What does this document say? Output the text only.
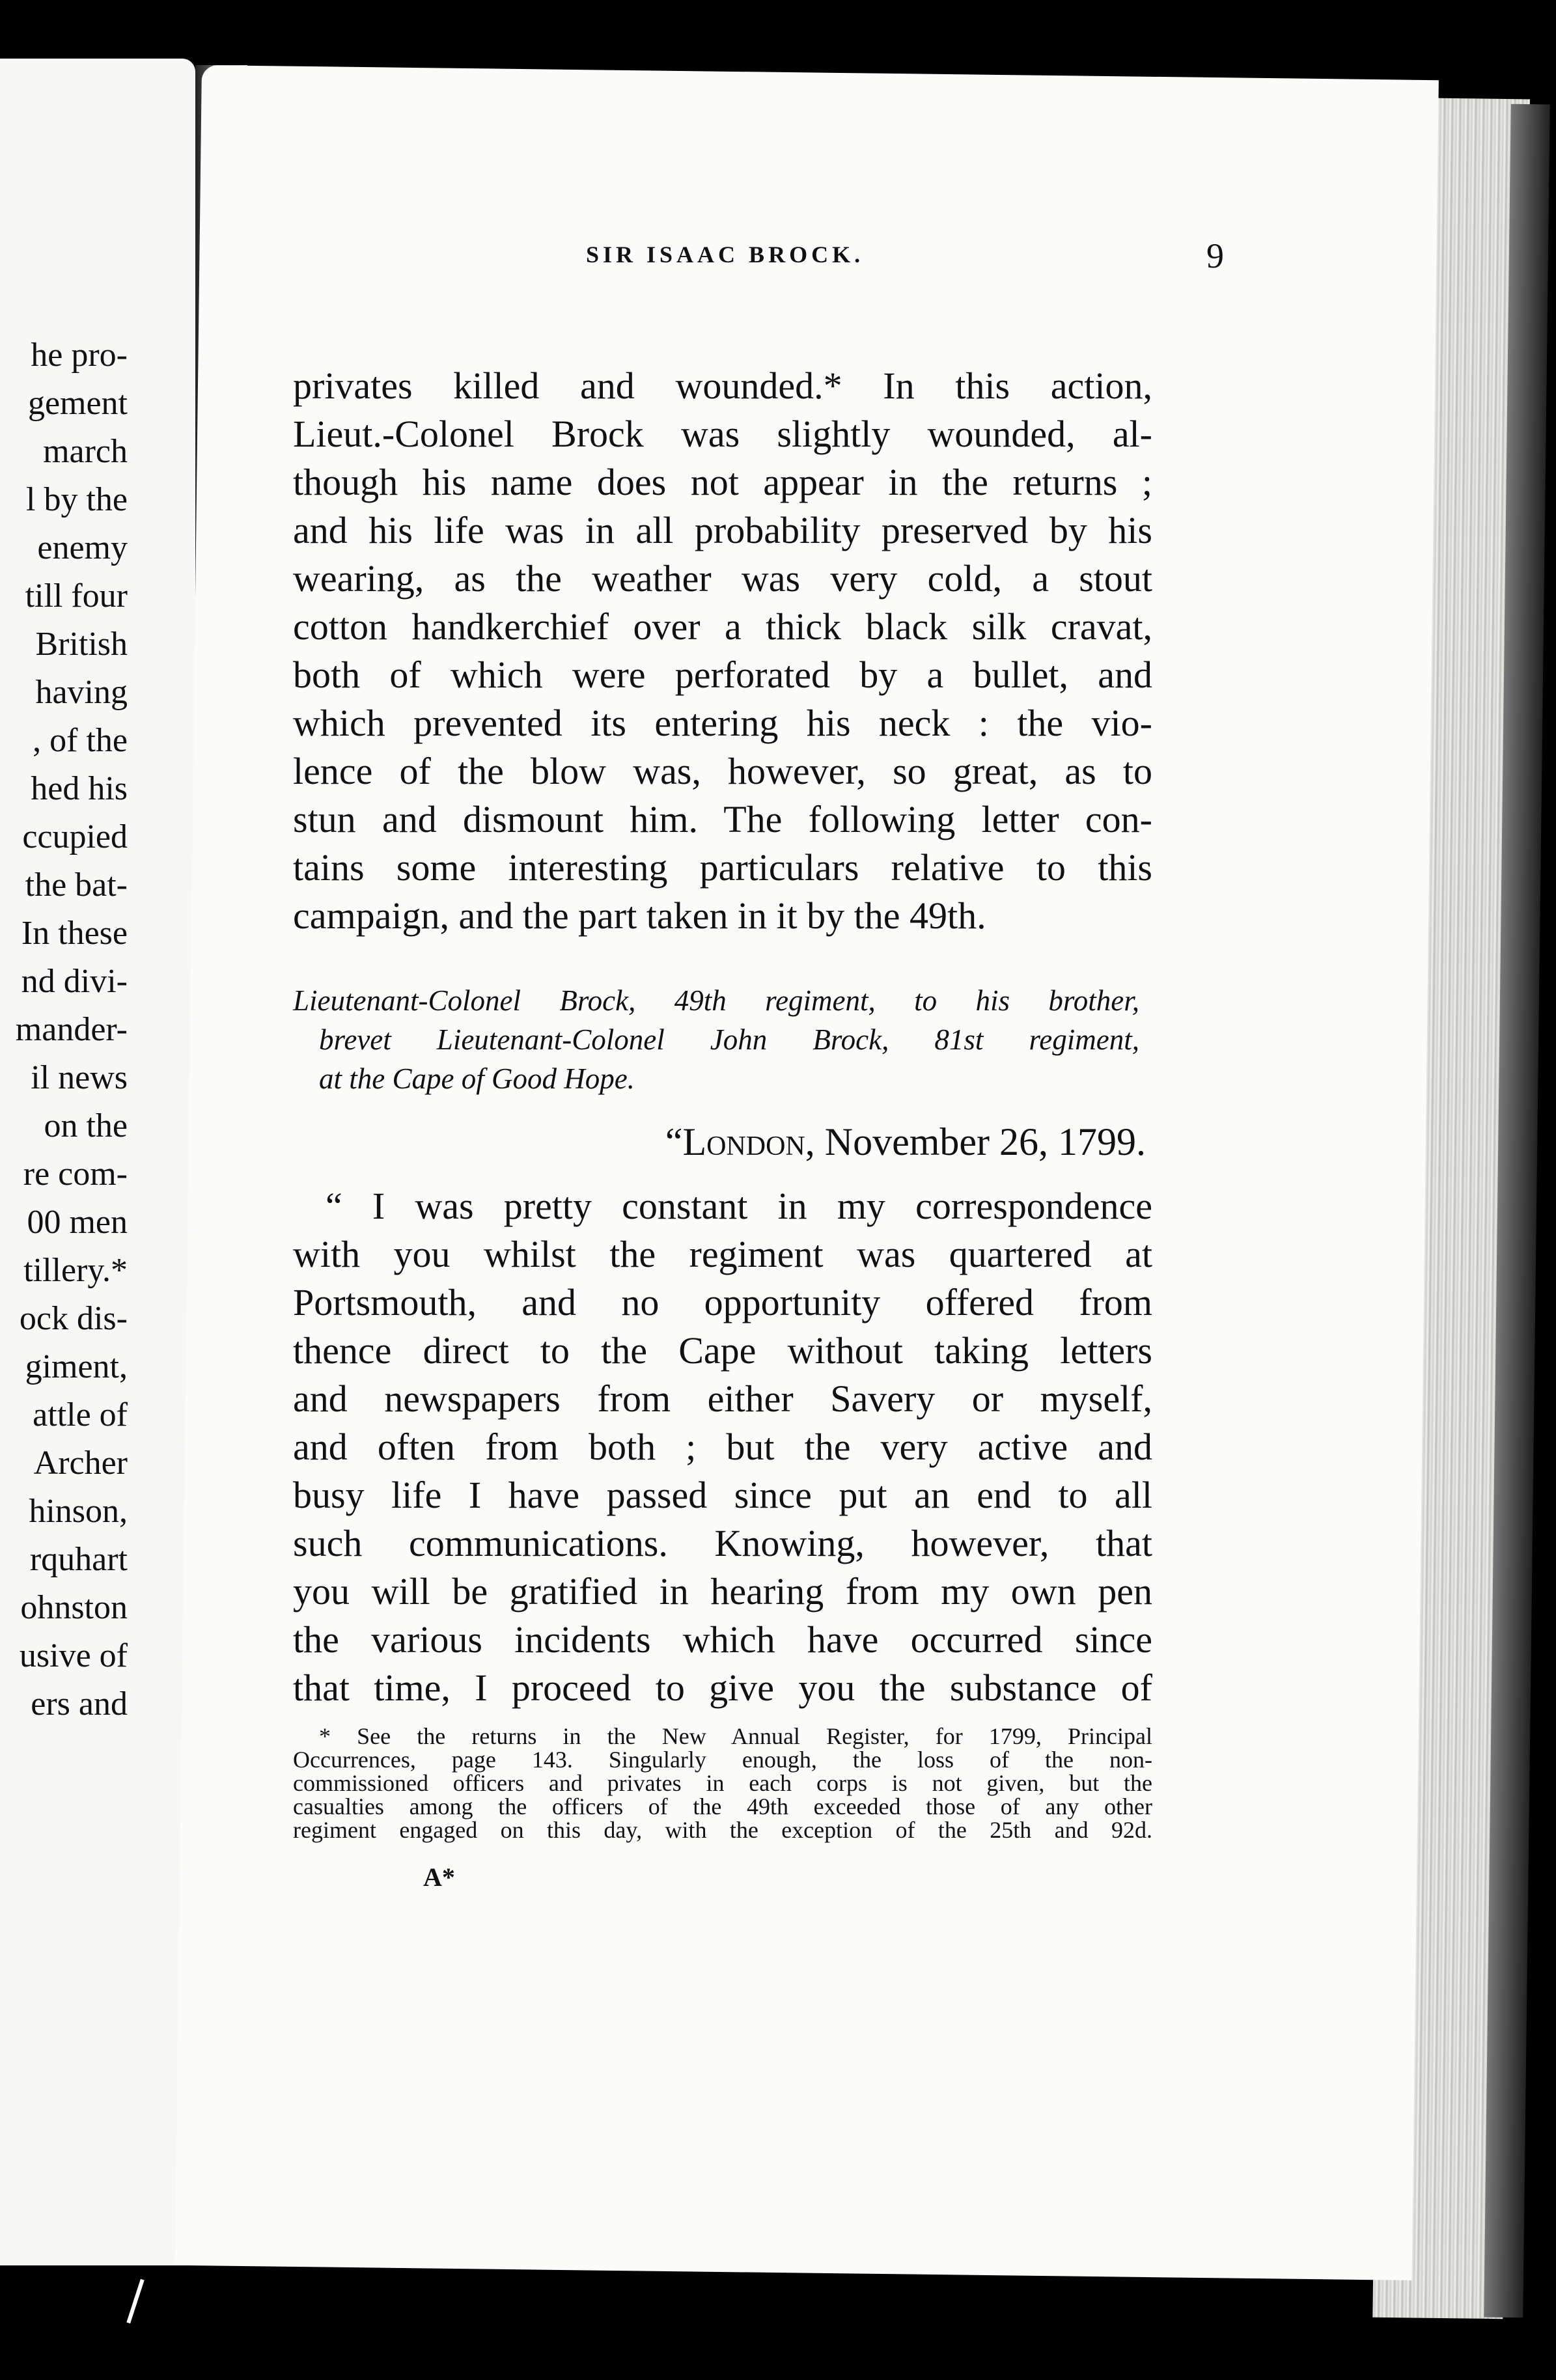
he pro-
gement
march
l by the
enemy
till four
British
having
, of the
hed his
ccupied
the bat-
In these
nd divi-
mander-
il news
on the
re com-
00 men
tillery.*
ock dis-
giment,
attle of
Archer
hinson,
rquhart
ohnston
usive of
ers and
SIR ISAAC BROCK.	9
privates killed and wounded.* In this action,
Lieut.-Colonel Brock was slightly wounded, al-
though his name does not appear in the returns ;
and his life was in all probability preserved by his
wearing, as the weather was very cold, a stout
cotton handkerchief over a thick black silk cravat,
both of which were perforated by a bullet, and
which prevented its entering his neck : the vio-
lence of the blow was, however, so great, as to
stun and dismount him. The following letter con-
tains some interesting particulars relative to this
campaign, and the part taken in it by the 49th.
Lieutenant-Colonel Brock, 49th regiment, to his brother,
brevet Lieutenant-Colonel John Brock, 81st regiment,
at the Cape of Good Hope.
“London, November 26, 1799.
“ I was pretty constant in my correspondence
with you whilst the regiment was quartered at
Portsmouth, and no opportunity offered from
thence direct to the Cape without taking letters
and newspapers from either Savery or myself,
and often from both ; but the very active and
busy life I have passed since put an end to all
such communications. Knowing, however, that
you will be gratified in hearing from my own pen
the various incidents which have occurred since
that time, I proceed to give you the substance of
* See the returns in the New Annual Register, for 1799, Principal
Occurrences, page 143. Singularly enough, the loss of the non-
commissioned officers and privates in each corps is not given, but the
casualties among the officers of the 49th exceeded those of any other
regiment engaged on this day, with the exception of the 25th and 92d.
A*
